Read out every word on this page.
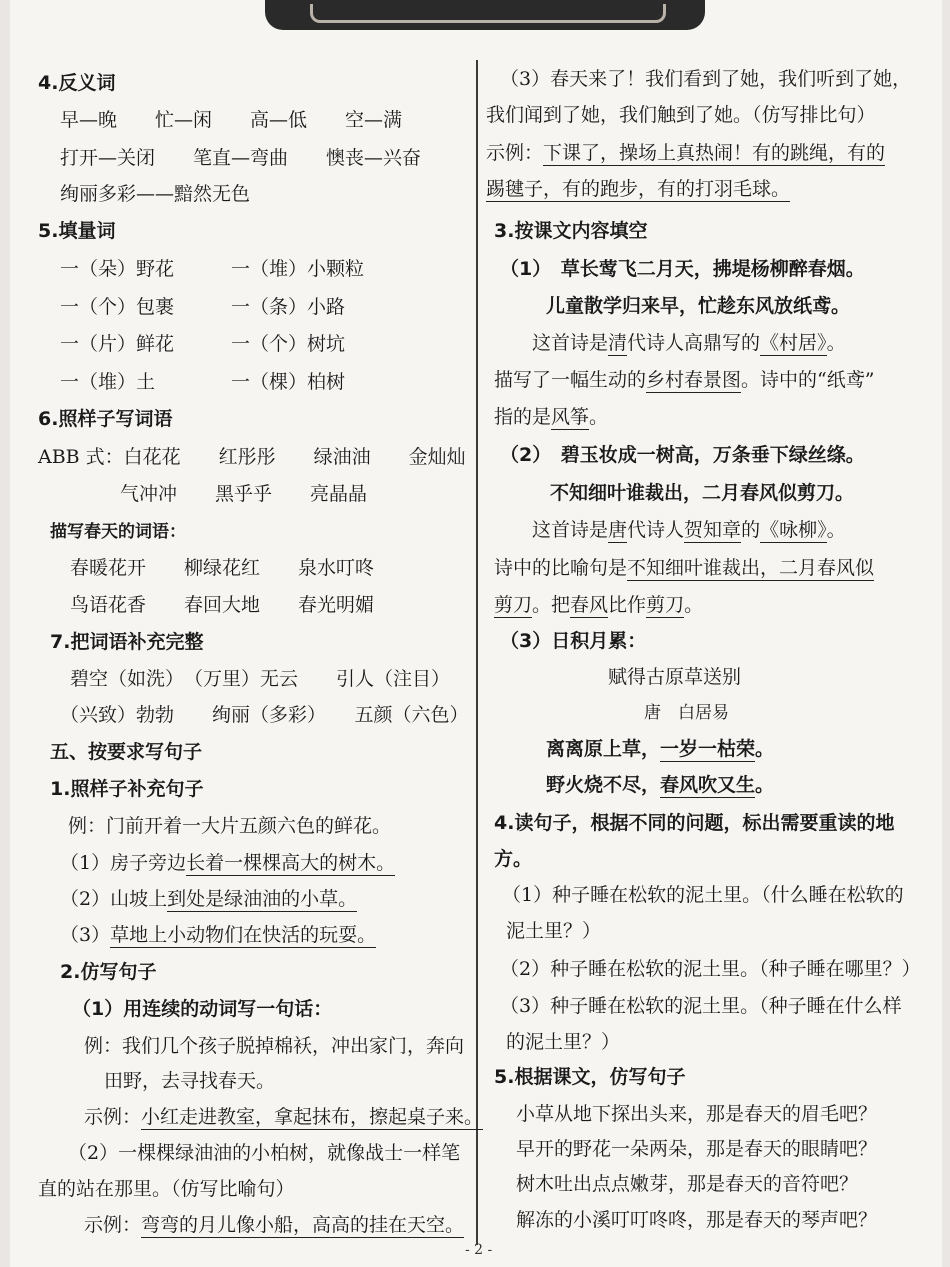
4.反义词
早—晚　　忙—闲　　高—低　　空—满
打开—关闭　　笔直—弯曲　　懊丧—兴奋
绚丽多彩——黯然无色
5.填量词
一（朵）野花　　　一（堆）小颗粒
一（个）包裹　　　一（条）小路
一（片）鲜花　　　一（个）树坑
一（堆）土　　　　一（棵）柏树
6.照样子写词语
ABB 式：白花花　　红彤彤　　绿油油　　金灿灿
气冲冲　　黑乎乎　　亮晶晶
描写春天的词语：
春暖花开　　柳绿花红　　泉水叮咚
鸟语花香　　春回大地　　春光明媚
7.把词语补充完整
碧空（如洗）　（万里）无云　　引人（注目）
（兴致）勃勃　　绚丽（多彩）　　五颜（六色）
五、按要求写句子
1.照样子补充句子
例：门前开着一大片五颜六色的鲜花。
（1）房子旁边长着一棵棵高大的树木。
（2）山坡上到处是绿油油的小草。
（3）草地上小动物们在快活的玩耍。
2.仿写句子
（1）用连续的动词写一句话：
例：我们几个孩子脱掉棉袄，冲出家门，奔向
田野，去寻找春天。
示例：小红走进教室，拿起抹布，擦起桌子来。
（2）一棵棵绿油油的小柏树，就像战士一样笔
直的站在那里。（仿写比喻句）
示例：弯弯的月儿像小船，高高的挂在天空。
（3）春天来了！我们看到了她，我们听到了她，
我们闻到了她，我们触到了她。（仿写排比句）
示例：下课了，操场上真热闹！有的跳绳，有的
踢毽子，有的跑步，有的打羽毛球。
3.按课文内容填空
（1）　 草长莺飞二月天，拂堤杨柳醉春烟。
儿童散学归来早，忙趁东风放纸鸢。
这首诗是清代诗人高鼎写的《村居》。
描写了一幅生动的乡村春景图。诗中的“纸鸢”
指的是风筝。
（2）　 碧玉妆成一树高，万条垂下绿丝绦。
不知细叶谁裁出，二月春风似剪刀。
这首诗是唐代诗人贺知章的《咏柳》。
诗中的比喻句是不知细叶谁裁出，二月春风似
剪刀。把春风比作剪刀。
（3）日积月累：
赋得古原草送别
唐　白居易
离离原上草，一岁一枯荣。
野火烧不尽，春风吹又生。
4.读句子，根据不同的问题，标出需要重读的地
方。
（1）种子睡在松软的泥土里。（什么睡在松软的
泥土里？）
（2）种子睡在松软的泥土里。（种子睡在哪里？）
（3）种子睡在松软的泥土里。（种子睡在什么样
的泥土里？）
5.根据课文，仿写句子
小草从地下探出头来，那是春天的眉毛吧？
早开的野花一朵两朵，那是春天的眼睛吧？
树木吐出点点嫩芽，那是春天的音符吧？
解冻的小溪叮叮咚咚，那是春天的琴声吧？
- 2 -
